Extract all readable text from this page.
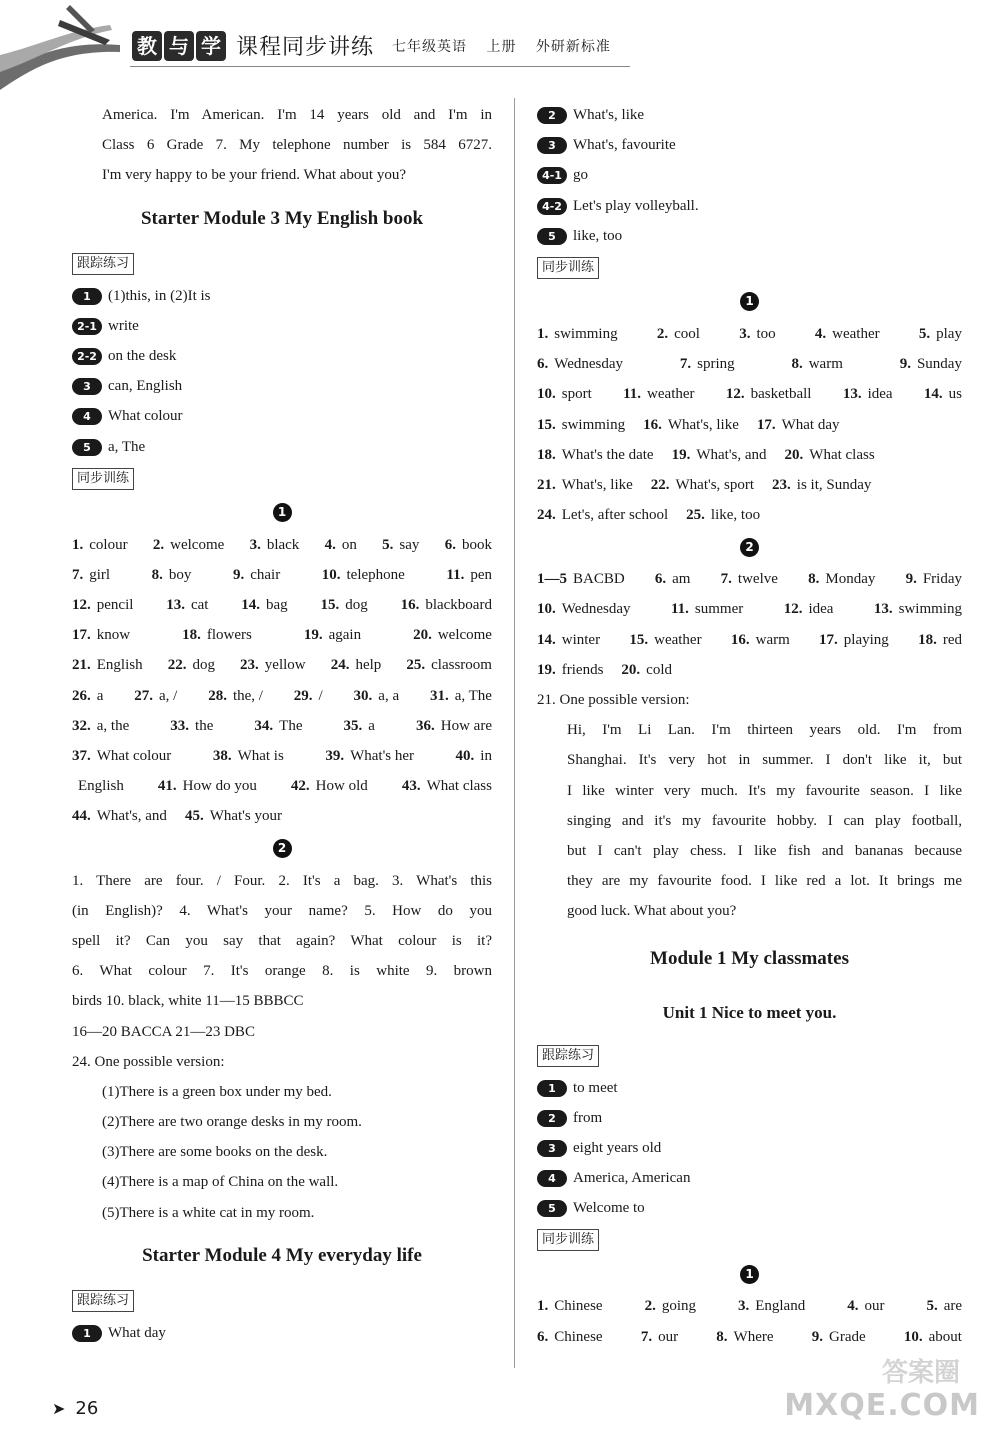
教 与 学 课程同步讲练 七年级英语 上册 外研新标准
America. I'm American. I'm 14 years old and I'm in
Class 6 Grade 7. My telephone number is 584 6727.
I'm very happy to be your friend. What about you?
Starter Module 3 My English book
跟踪练习
1 (1)this, in (2)It is
2-1 write
2-2 on the desk
3 can, English
4 What colour
5 a, The
同步训练
1
1. colour 2. welcome 3. black 4. on 5. say 6. book
7. girl	8. boy	9. chair	10. telephone	11. pen
12. pencil 13. cat 14. bag 15. dog 16. blackboard
17. know	18. flowers	19. again	20. welcome
21. English 22. dog 23. yellow 24. help 25. classroom
26. a 27. a, / 28. the, / 29. / 30. a, a 31. a, The
32. a, the	33. the	34. The	35. a	36. How are
37. What colour	38. What is	39. What's her	40. in
English 41. How do you 42. How old 43. What class
44. What's, and 45. What's your
2
1. There are four. / Four. 2. It's a bag. 3. What's this
(in English)? 4. What's your name? 5. How do you
spell it? Can you say that again? What colour is it?
6. What colour 7. It's orange 8. is white 9. brown
birds 10. black, white 11—15 BBBCC
16—20 BACCA 21—23 DBC
24. One possible version:
(1)There is a green box under my bed.
(2)There are two orange desks in my room.
(3)There are some books on the desk.
(4)There is a map of China on the wall.
(5)There is a white cat in my room.
Starter Module 4 My everyday life
跟踪练习
1 What day
2 What's, like
3 What's, favourite
4-1 go
4-2 Let's play volleyball.
5 like, too
同步训练
1
1. swimming	2. cool	3. too	4. weather	5. play
6. Wednesday	7. spring	8. warm	9. Sunday
10. sport 11. weather 12. basketball 13. idea 14. us
15. swimming 16. What's, like 17. What day
18. What's the date 19. What's, and 20. What class
21. What's, like 22. What's, sport 23. is it, Sunday
24. Let's, after school 25. like, too
2
1—5 BACBD 6. am 7. twelve 8. Monday 9. Friday
10. Wednesday	11. summer	12. idea	13. swimming
14. winter 15. weather 16. warm 17. playing 18. red
19. friends 20. cold
21. One possible version:
Hi, I'm Li Lan. I'm thirteen years old. I'm from
Shanghai. It's very hot in summer. I don't like it, but
I like winter very much. It's my favourite season. I like
singing and it's my favourite hobby. I can play football,
but I can't play chess. I like fish and bananas because
they are my favourite food. I like red a lot. It brings me
good luck. What about you?
Module 1 My classmates
Unit 1 Nice to meet you.
跟踪练习
1 to meet
2 from
3 eight years old
4 America, American
5 Welcome to
同步训练
1
1. Chinese	2. going	3. England	4. our	5. are
6. Chinese	7. our	8. Where	9. Grade	10. about
➤ 26
答案圈
MXQE.COM
